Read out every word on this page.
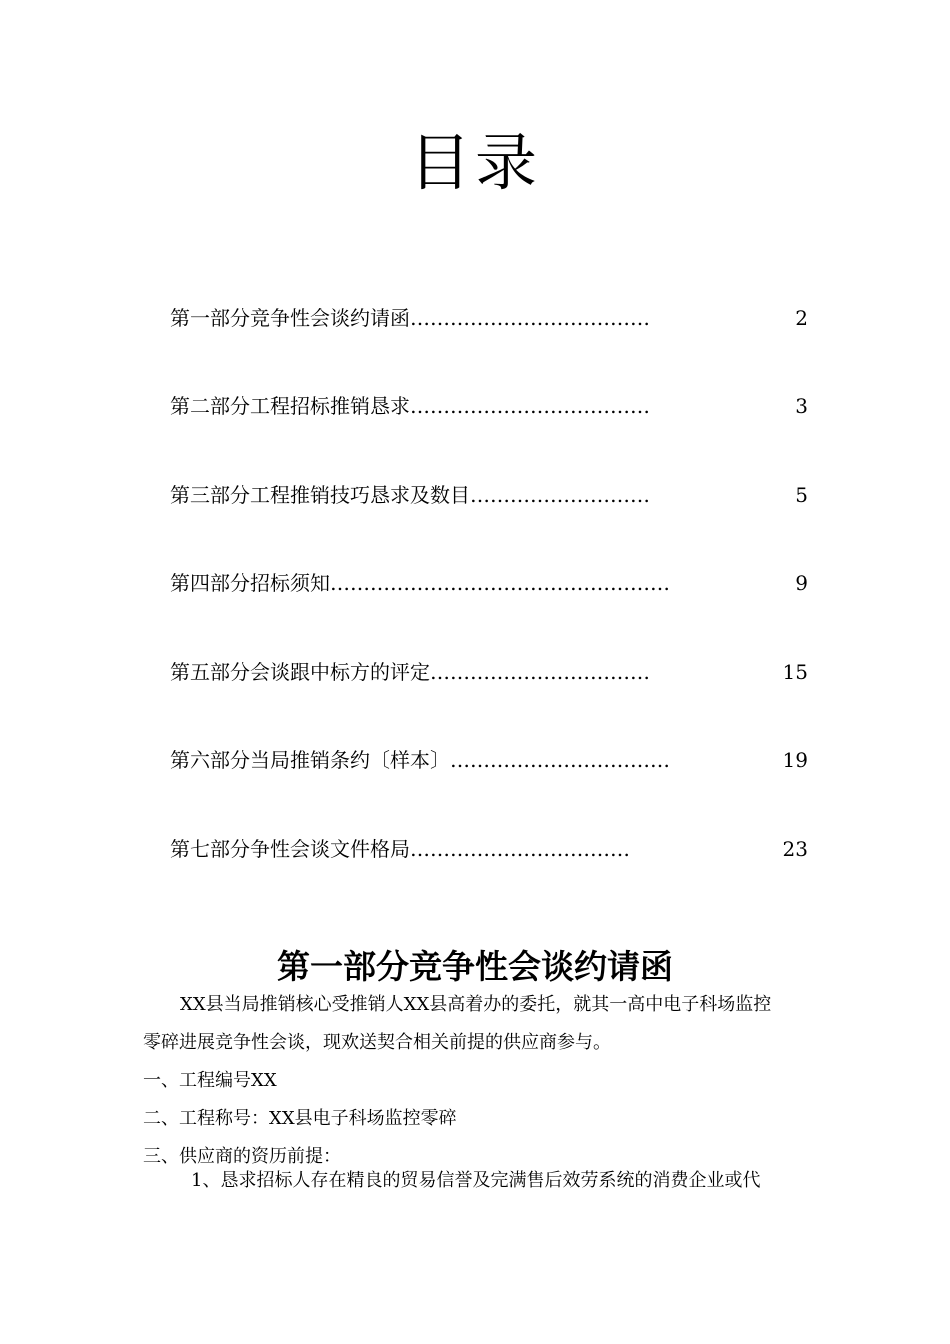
目录
第一部分竞争性会谈约请函………………………………	2
第二部分工程招标推销恳求………………………………	3
第三部分工程推销技巧恳求及数目………………………	5
第四部分招标须知……………………………………………	9
第五部分会谈跟中标方的评定……………………………	15
第六部分当局推销条约〔样本〕……………………………	19
第七部分争性会谈文件格局……………………………	23
第一部分竞争性会谈约请函
XX县当局推销核心受推销人XX县高着办的委托，就其一高中电子科场监控
零碎进展竞争性会谈，现欢送契合相关前提的供应商参与。
一、工程编号XX
二、工程称号：XX县电子科场监控零碎
三、供应商的资历前提：
1、恳求招标人存在精良的贸易信誉及完满售后效劳系统的消费企业或代
